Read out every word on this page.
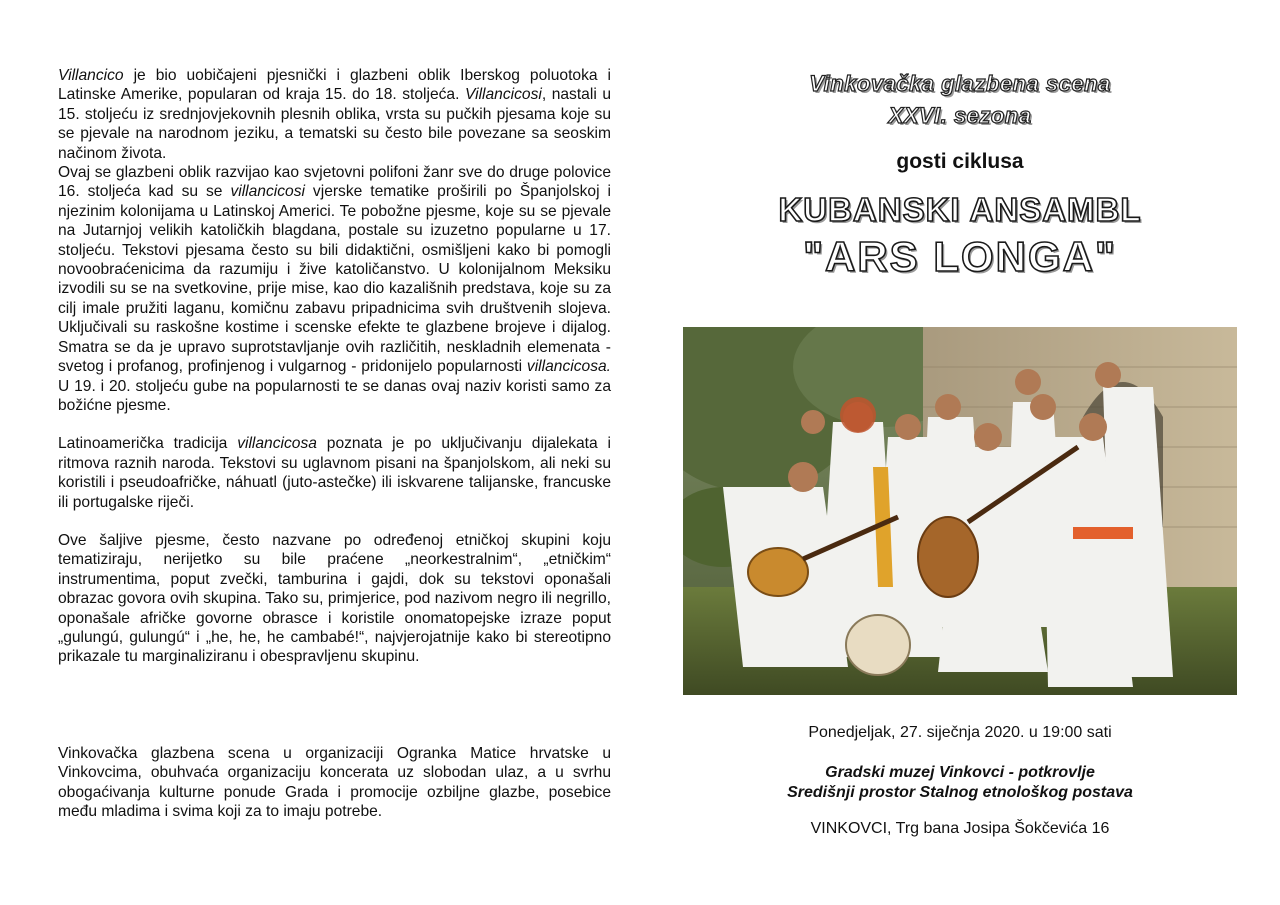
Villancico je bio uobičajeni pjesnički i glazbeni oblik Iberskog poluotoka i Latinske Amerike, popularan od kraja 15. do 18. stoljeća. Villancicosi, nastali u 15. stoljeću iz srednjovjekovnih plesnih oblika, vrsta su pučkih pjesama koje su se pjevale na narodnom jeziku, a tematski su često bile povezane sa seoskim načinom života.

Ovaj se glazbeni oblik razvijao kao svjetovni polifoni žanr sve do druge polovice 16. stoljeća kad su se villancicosi vjerske tematike proširili po Španjolskoj i njezinim kolonijama u Latinskoj Americi. Te pobožne pjesme, koje su se pjevale na Jutarnjoj velikih katoličkih blagdana, postale su izuzetno popularne u 17. stoljeću. Tekstovi pjesama često su bili didaktični, osmišljeni kako bi pomogli novoobraćenicima da razumiju i žive katoličanstvo. U kolonijalnom Meksiku izvodili su se na svetkovine, prije mise, kao dio kazališnih predstava, koje su za cilj imale pružiti laganu, komičnu zabavu pripadnicima svih društvenih slojeva. Uključivali su raskošne kostime i scenske efekte te glazbene brojeve i dijalog. Smatra se da je upravo suprotstavljanje ovih različitih, neskladnih elemenata - svetog i profanog, profinjenog i vulgarnog - pridonijelo popularnosti villancicosa. U 19. i 20. stoljeću gube na popularnosti te se danas ovaj naziv koristi samo za božićne pjesme.

Latinoamerička tradicija villancicosa poznata je po uključivanju dijalekata i ritmova raznih naroda. Tekstovi su uglavnom pisani na španjolskom, ali neki su koristili i pseudoafričke, náhuatl (juto-astečke) ili iskvarene talijanske, francuske ili portugalske riječi.

Ove šaljive pjesme, često nazvane po određenoj etničkoj skupini koju tematiziraju, nerijetko su bile praćene „neorkestralnim“, „etničkim“ instrumentima, poput zvečki, tamburina i gajdi, dok su tekstovi oponašali obrazac govora ovih skupina. Tako su, primjerice, pod nazivom negro ili negrillo, oponašale afričke govorne obrasce i koristile onomatopejske izraze poput „gulungú, gulungú“ i „he, he, he cambabé!“, najvjerojatnije kako bi stereotipno prikazale tu marginaliziranu i obespravljenu skupinu.

Vinkovačka glazbena scena u organizaciji Ogranka Matice hrvatske u Vinkovcima, obuhvaća organizaciju koncerata uz slobodan ulaz, a u svrhu obogaćivanja kulturne ponude Grada i promocije ozbiljne glazbe, posebice među mladima i svima koji za to imaju potrebe.

Vinkovačka glazbena scena
XXVI. sezona
gosti ciklusa
KUBANSKI ANSAMBL
"ARS LONGA"
Ponedjeljak, 27. siječnja 2020. u 19:00 sati
Gradski muzej Vinkovci - potkrovlje
Središnji prostor Stalnog etnološkog postava
VINKOVCI, Trg bana Josipa Šokčevića 16
